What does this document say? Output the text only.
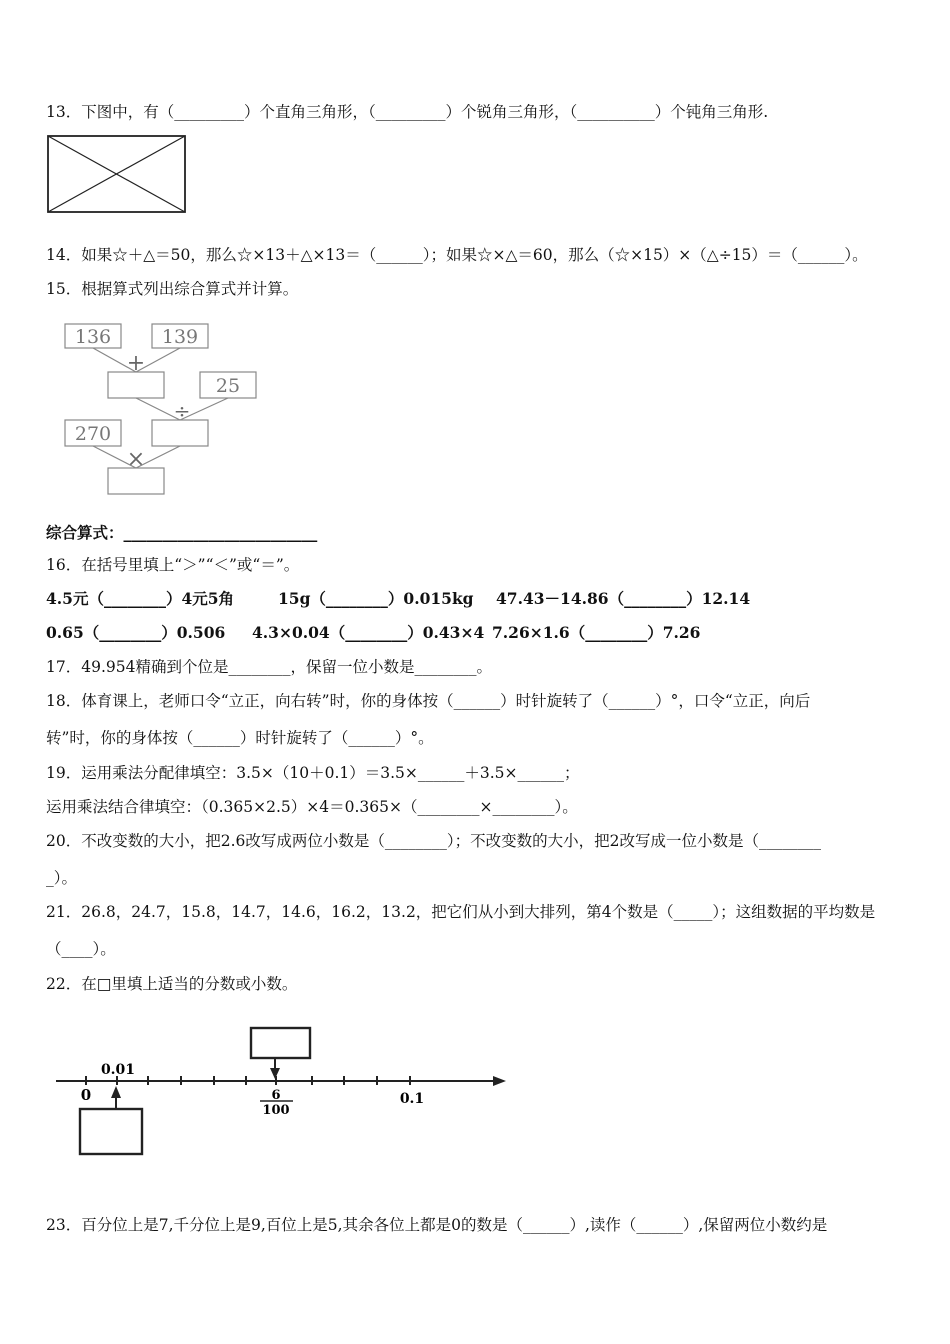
13．下图中，有（_________）个直角三角形，（_________）个锐角三角形，（__________）个钝角三角形.
14．如果☆＋△＝50，那么☆×13＋△×13＝（______）；如果☆×△＝60，那么（☆×15）×（△÷15）＝（______）。
15．根据算式列出综合算式并计算。
136	139
+
25
÷
270
×
综合算式：_________________________
16．在括号里填上“＞”“＜”或“＝”。
4.5元（________）4元5角	15g（________）0.015kg 47.43－14.86（________）12.14
0.65（________）0.506 4.3×0.04（________）0.43×4 7.26×1.6（________）7.26
17．49.954精确到个位是________，保留一位小数是________。
18．体育课上，老师口令“立正，向右转”时，你的身体按（______）时针旋转了（______）°，口令“立正，向后
转”时，你的身体按（______）时针旋转了（______）°。
19．运用乘法分配律填空：3.5×（10＋0.1）＝3.5×______＋3.5×______；
运用乘法结合律填空：（0.365×2.5）×4＝0.365×（________×________）。
20．不改变数的大小，把2.6改写成两位小数是（________）；不改变数的大小，把2改写成一位小数是（________
_）。
21．26.8，24.7，15.8，14.7，14.6，16.2，13.2，把它们从小到大排列，第4个数是（_____）；这组数据的平均数是
（____）。
22．在□里填上适当的分数或小数。
0.01
0	6
100
0.1
23．百分位上是7,千分位上是9,百位上是5,其余各位上都是0的数是（______）,读作（______）,保留两位小数约是
